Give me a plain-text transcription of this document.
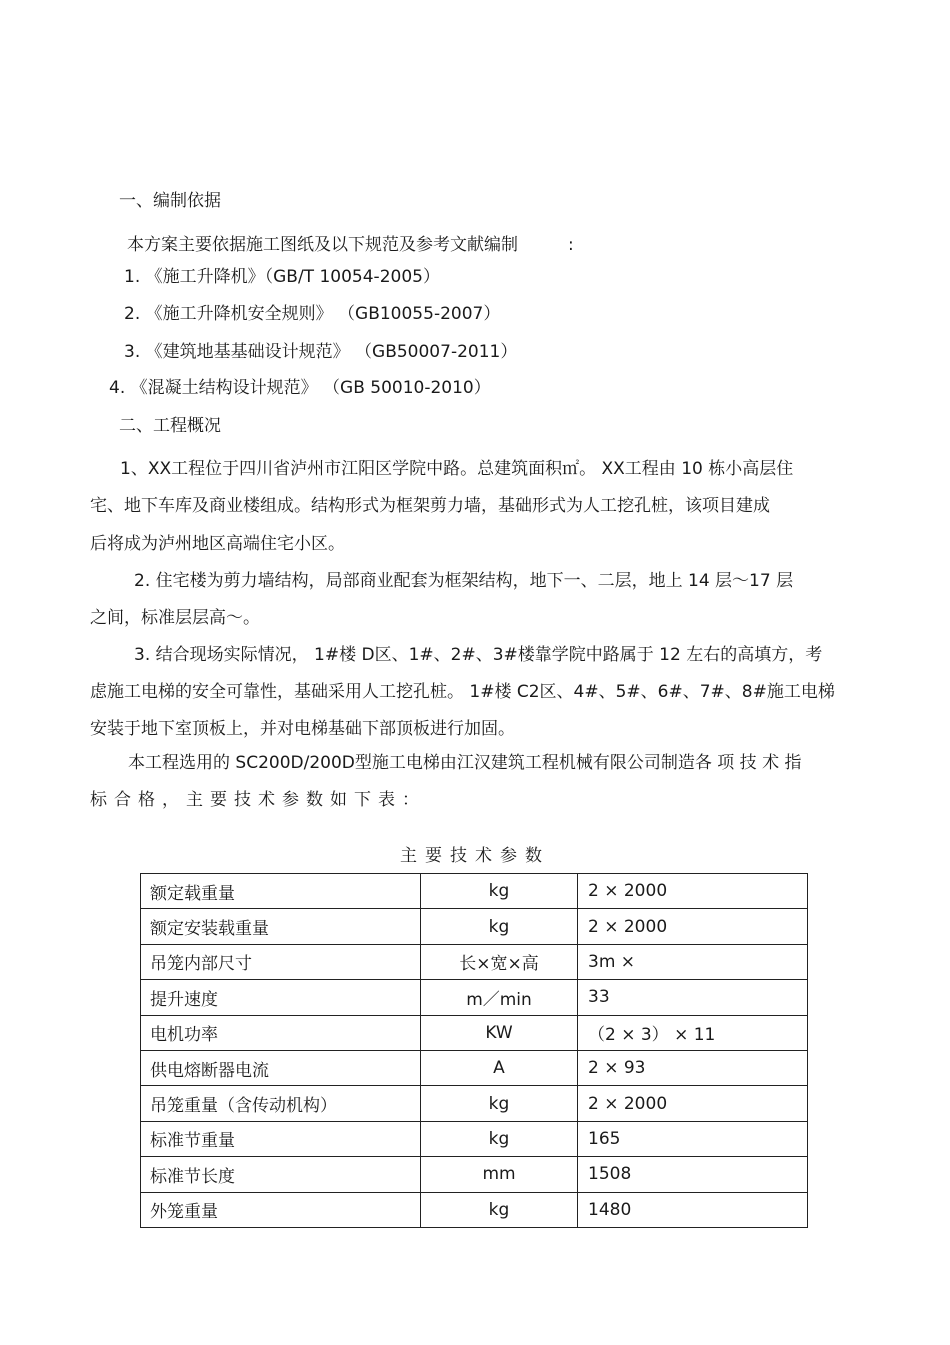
一、编制依据
本方案主要依据施工图纸及以下规范及参考文献编制	:
1. 《施工升降机》（GB/T 10054-2005）
2. 《施工升降机安全规则》 （GB10055-2007）
3. 《建筑地基基础设计规范》 （GB50007-2011）
4. 《混凝土结构设计规范》 （GB 50010-2010）
二、工程概况
1、XX工程位于四川省泸州市江阳区学院中路。总建筑面积㎡。 XX工程由 10 栋小高层住
宅、地下车库及商业楼组成。结构形式为框架剪力墙，基础形式为人工挖孔桩，该项目建成
后将成为泸州地区高端住宅小区。
2. 住宅楼为剪力墙结构，局部商业配套为框架结构，地下一、二层，地上 14 层～17 层
之间，标准层层高～。
3. 结合现场实际情况， 1#楼 D区、1#、2#、3#楼靠学院中路属于 12 左右的高填方，考
虑施工电梯的安全可靠性，基础采用人工挖孔桩。 1#楼 C2区、4#、5#、6#、7#、8#施工电梯
安装于地下室顶板上，并对电梯基础下部顶板进行加固。
本工程选用的 SC200D/200D型施工电梯由江汉建筑工程机械有限公司制造各 项 技 术 指
标合格，主要技术参数如下表：
主要技术参数
额定载重量	kg	2 × 2000
额定安装载重量	kg	2 × 2000
吊笼内部尺寸	长×宽×高	3m ×
提升速度	m／min	33
电机功率	KW	（2 × 3） × 11
供电熔断器电流	A	2 × 93
吊笼重量（含传动机构）	kg	2 × 2000
标准节重量	kg	165
标准节长度	mm	1508
外笼重量	kg	1480
